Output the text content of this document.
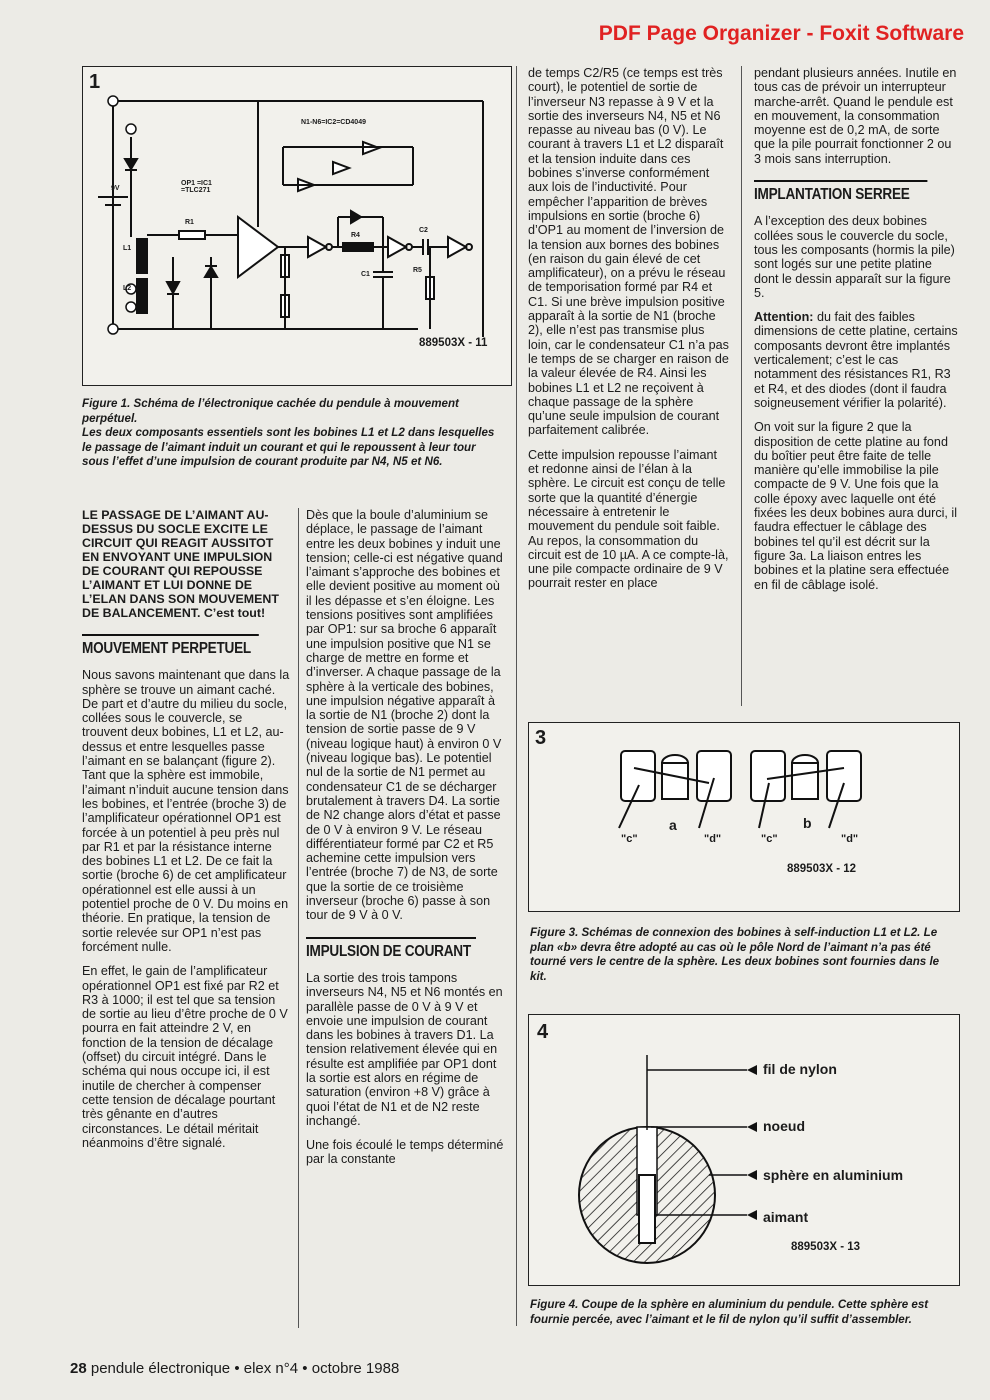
PDF Page Organizer - Foxit Software
1
889503X - 11
N1-N6=IC2=CD4049
OP1 =IC1 =TLC271
R1
R4
C1
C2
R5
L1
L2
9V
Figure 1. Schéma de l’électronique cachée du pendule à mouvement perpétuel.
Les deux composants essentiels sont les bobines L1 et L2 dans lesquelles le passage de l’aimant induit un courant et qui le repoussent à leur tour sous l’effet d’une impulsion de courant produite par N4, N5 et N6.

LE PASSAGE DE L’AIMANT AU-DESSUS DU SOCLE EXCITE LE CIRCUIT QUI REAGIT AUSSITOT EN ENVOYANT UNE IMPULSION DE COURANT QUI REPOUSSE L’AIMANT ET LUI DONNE DE L’ELAN DANS SON MOUVEMENT DE BALANCEMENT. C’est tout!

MOUVEMENT PERPETUEL

Nous savons maintenant que dans la sphère se trouve un aimant caché. De part et d’autre du milieu du socle, collées sous le couvercle, se trouvent deux bobines, L1 et L2, au-dessus et entre lesquelles passe l’aimant en se balançant (figure 2). Tant que la sphère est immobile, l’aimant n’induit aucune tension dans les bobines, et l’entrée (broche 3) de l’amplificateur opérationnel OP1 est forcée à un potentiel à peu près nul par R1 et par la résistance interne des bobines L1 et L2. De ce fait la sortie (broche 6) de cet amplificateur opérationnel est elle aussi à un potentiel proche de 0 V. Du moins en théorie. En pratique, la tension de sortie relevée sur OP1 n’est pas forcément nulle.

En effet, le gain de l’amplificateur opérationnel OP1 est fixé par R2 et R3 à 1000; il est tel que sa tension de sortie au lieu d’être proche de 0 V pourra en fait atteindre 2 V, en fonction de la tension de décalage (offset) du circuit intégré. Dans le schéma qui nous occupe ici, il est inutile de chercher à compenser cette tension de décalage pourtant très gênante en d’autres circonstances. Le détail méritait néanmoins d’être signalé.

Dès que la boule d’aluminium se déplace, le passage de l’aimant entre les deux bobines y induit une tension; celle-ci est négative quand l’aimant s’approche des bobines et elle devient positive au moment où il les dépasse et s’en éloigne. Les tensions positives sont amplifiées par OP1: sur sa broche 6 apparaît une impulsion positive que N1 se charge de mettre en forme et d’inverser. A chaque passage de la sphère à la verticale des bobines, une impulsion négative apparaît à la sortie de N1 (broche 2) dont la tension de sortie passe de 9 V (niveau logique haut) à environ 0 V (niveau logique bas). Le potentiel nul de la sortie de N1 permet au condensateur C1 de se décharger brutalement à travers D4. La sortie de N2 change alors d’état et passe de 0 V à environ 9 V. Le réseau différentiateur formé par C2 et R5 achemine cette impulsion vers l’entrée (broche 7) de N3, de sorte que la sortie de ce troisième inverseur (broche 6) passe à son tour de 9 V à 0 V.

IMPULSION DE COURANT

La sortie des trois tampons inverseurs N4, N5 et N6 montés en parallèle passe de 0 V à 9 V et envoie une impulsion de courant dans les bobines à travers D1. La tension relativement élevée qui en résulte est amplifiée par OP1 dont la sortie est alors en régime de saturation (environ +8 V) grâce à quoi l’état de N1 et de N2 reste inchangé.

Une fois écoulé le temps déterminé par la constante

de temps C2/R5 (ce temps est très court), le potentiel de sortie de l’inverseur N3 repasse à 9 V et la sortie des inverseurs N4, N5 et N6 repasse au niveau bas (0 V). Le courant à travers L1 et L2 disparaît et la tension induite dans ces bobines s’inverse conformément aux lois de l’inductivité. Pour empêcher l’apparition de brèves impulsions en sortie (broche 6) d’OP1 au moment de l’inversion de la tension aux bornes des bobines (en raison du gain élevé de cet amplificateur), on a prévu le réseau de temporisation formé par R4 et C1. Si une brève impulsion positive apparaît à la sortie de N1 (broche 2), elle n’est pas transmise plus loin, car le condensateur C1 n’a pas le temps de se charger en raison de la valeur élevée de R4. Ainsi les bobines L1 et L2 ne reçoivent à chaque passage de la sphère qu’une seule impulsion de courant parfaitement calibrée.

Cette impulsion repousse l’aimant et redonne ainsi de l’élan à la sphère. Le circuit est conçu de telle sorte que la quantité d’énergie nécessaire à entretenir le mouvement du pendule soit faible. Au repos, la consommation du circuit est de 10 µA. A ce compte-là, une pile compacte ordinaire de 9 V pourrait rester en place

pendant plusieurs années. Inutile en tous cas de prévoir un interrupteur marche-arrêt. Quand le pendule est en mouvement, la consommation moyenne est de 0,2 mA, de sorte que la pile pourrait fonctionner 2 ou 3 mois sans interruption.

IMPLANTATION SERREE

A l’exception des deux bobines collées sous le couvercle du socle, tous les composants (hormis la pile) sont logés sur une petite platine dont le dessin apparaît sur la figure 5.

Attention: du fait des faibles dimensions de cette platine, certains composants devront être implantés verticalement; c’est le cas notamment des résistances R1, R3 et R4, et des diodes (dont il faudra soigneusement vérifier la polarité).

On voit sur la figure 2 que la disposition de cette platine au fond du boîtier peut être faite de telle manière qu’elle immobilise la pile compacte de 9 V. Une fois que la colle époxy avec laquelle ont été fixées les deux bobines aura durci, il faudra effectuer le câblage des bobines tel qu’il est décrit sur la figure 3a. La liaison entres les bobines et la platine sera effectuée en fil de câblage isolé.

3
a	b
"c"	"d"	"c"	"d"
889503X - 12
Figure 3. Schémas de connexion des bobines à self-induction L1 et L2. Le plan «b» devra être adopté au cas où le pôle Nord de l’aimant n’a pas été tourné vers le centre de la sphère. Les deux bobines sont fournies dans le kit.
4
fil de nylon
noeud
sphère en aluminium
aimant
889503X - 13
Figure 4. Coupe de la sphère en aluminium du pendule. Cette sphère est fournie percée, avec l’aimant et le fil de nylon qu’il suffit d’assembler.
28 pendule électronique • elex n°4 • octobre 1988
